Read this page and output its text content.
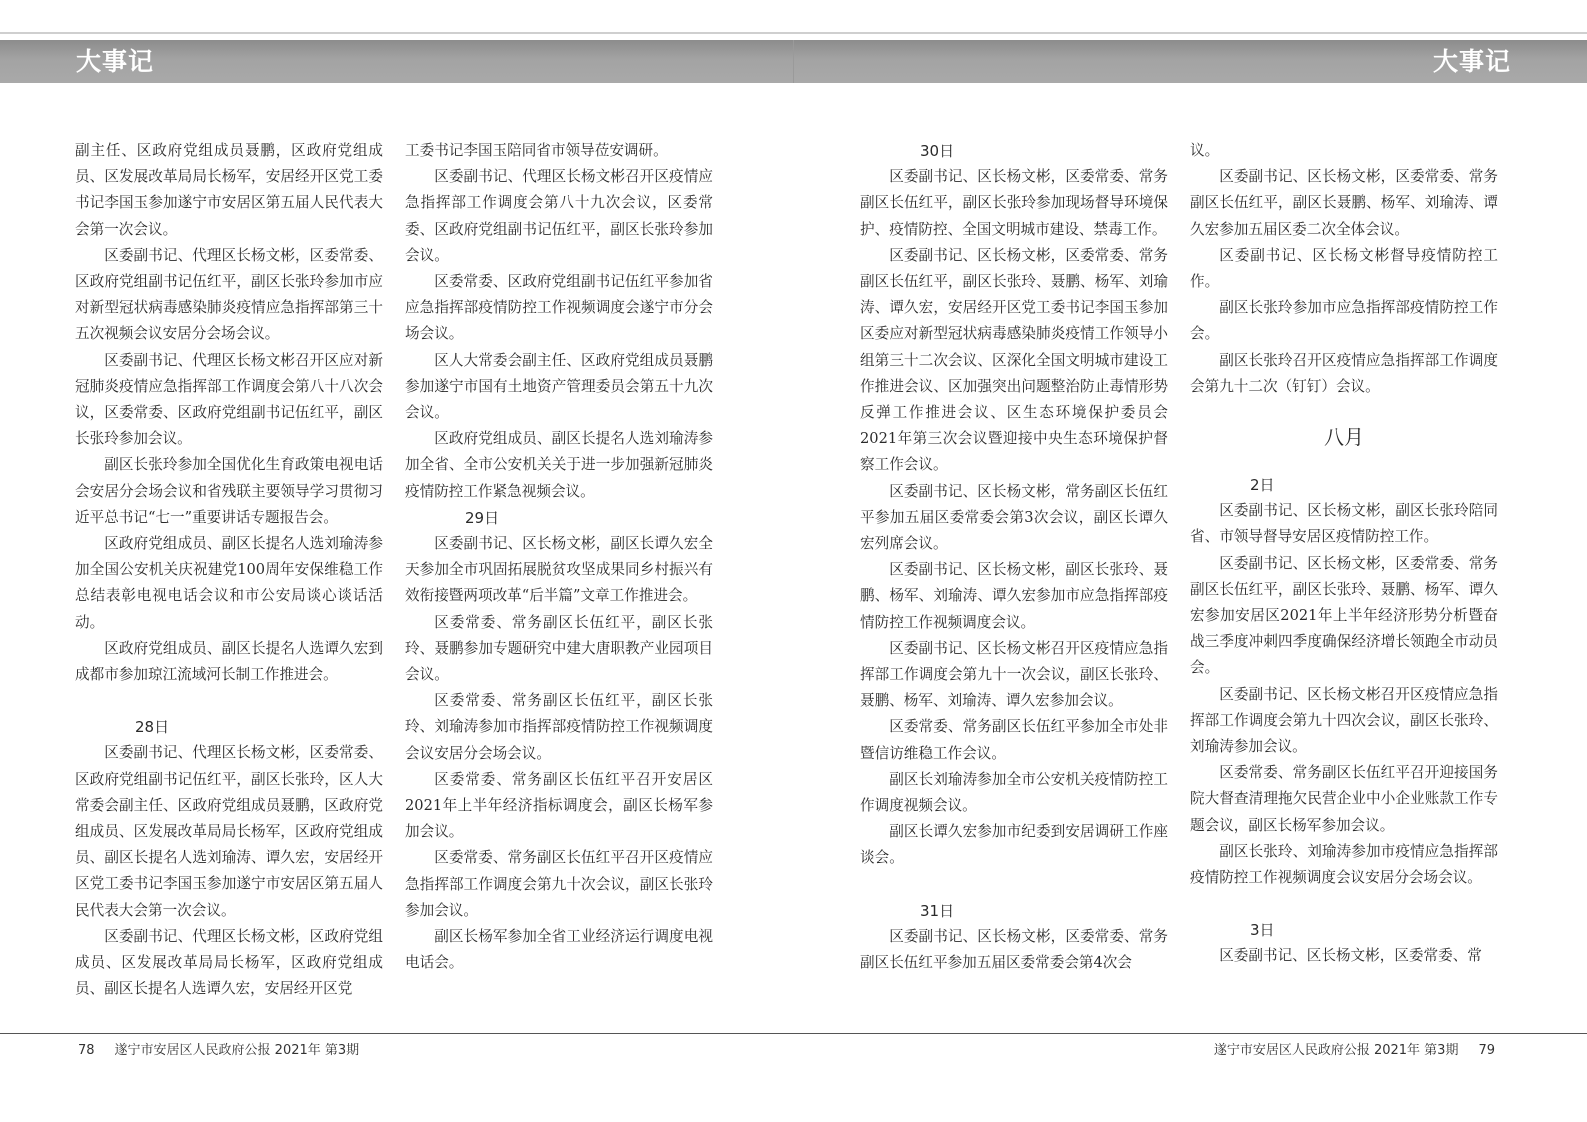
大事记	大事记

副主任、区政府党组成员聂鹏，区政府党组成员、区发展改革局局长杨军，安居经开区党工委书记李国玉参加遂宁市安居区第五届人民代表大会第一次会议。

区委副书记、代理区长杨文彬，区委常委、区政府党组副书记伍红平，副区长张玲参加市应对新型冠状病毒感染肺炎疫情应急指挥部第三十五次视频会议安居分会场会议。

区委副书记、代理区长杨文彬召开区应对新冠肺炎疫情应急指挥部工作调度会第八十八次会议，区委常委、区政府党组副书记伍红平，副区长张玲参加会议。

副区长张玲参加全国优化生育政策电视电话会安居分会场会议和省残联主要领导学习贯彻习近平总书记“七一”重要讲话专题报告会。

区政府党组成员、副区长提名人选刘瑜涛参加全国公安机关庆祝建党100周年安保维稳工作总结表彰电视电话会议和市公安局谈心谈话活动。

区政府党组成员、副区长提名人选谭久宏到成都市参加琼江流域河长制工作推进会。

28日

区委副书记、代理区长杨文彬，区委常委、区政府党组副书记伍红平，副区长张玲，区人大常委会副主任、区政府党组成员聂鹏，区政府党组成员、区发展改革局局长杨军，区政府党组成员、副区长提名人选刘瑜涛、谭久宏，安居经开区党工委书记李国玉参加遂宁市安居区第五届人民代表大会第一次会议。

区委副书记、代理区长杨文彬，区政府党组成员、区发展改革局局长杨军，区政府党组成员、副区长提名人选谭久宏，安居经开区党

工委书记李国玉陪同省市领导莅安调研。

区委副书记、代理区长杨文彬召开区疫情应急指挥部工作调度会第八十九次会议，区委常委、区政府党组副书记伍红平，副区长张玲参加会议。

区委常委、区政府党组副书记伍红平参加省应急指挥部疫情防控工作视频调度会遂宁市分会场会议。

区人大常委会副主任、区政府党组成员聂鹏参加遂宁市国有土地资产管理委员会第五十九次会议。

区政府党组成员、副区长提名人选刘瑜涛参加全省、全市公安机关关于进一步加强新冠肺炎疫情防控工作紧急视频会议。

29日

区委副书记、区长杨文彬，副区长谭久宏全天参加全市巩固拓展脱贫攻坚成果同乡村振兴有效衔接暨两项改革“后半篇”文章工作推进会。

区委常委、常务副区长伍红平，副区长张玲、聂鹏参加专题研究中建大唐职教产业园项目会议。

区委常委、常务副区长伍红平，副区长张玲、刘瑜涛参加市指挥部疫情防控工作视频调度会议安居分会场会议。

区委常委、常务副区长伍红平召开安居区2021年上半年经济指标调度会，副区长杨军参加会议。

区委常委、常务副区长伍红平召开区疫情应急指挥部工作调度会第九十次会议，副区长张玲参加会议。

副区长杨军参加全省工业经济运行调度电视电话会。

30日

区委副书记、区长杨文彬，区委常委、常务副区长伍红平，副区长张玲参加现场督导环境保护、疫情防控、全国文明城市建设、禁毒工作。

区委副书记、区长杨文彬，区委常委、常务副区长伍红平，副区长张玲、聂鹏、杨军、刘瑜涛、谭久宏，安居经开区党工委书记李国玉参加区委应对新型冠状病毒感染肺炎疫情工作领导小组第三十二次会议、区深化全国文明城市建设工作推进会议、区加强突出问题整治防止毒情形势反弹工作推进会议、区生态环境保护委员会2021年第三次会议暨迎接中央生态环境保护督察工作会议。

区委副书记、区长杨文彬，常务副区长伍红平参加五届区委常委会第3次会议，副区长谭久宏列席会议。

区委副书记、区长杨文彬，副区长张玲、聂鹏、杨军、刘瑜涛、谭久宏参加市应急指挥部疫情防控工作视频调度会议。

区委副书记、区长杨文彬召开区疫情应急指挥部工作调度会第九十一次会议，副区长张玲、聂鹏、杨军、刘瑜涛、谭久宏参加会议。

区委常委、常务副区长伍红平参加全市处非暨信访维稳工作会议。

副区长刘瑜涛参加全市公安机关疫情防控工作调度视频会议。

副区长谭久宏参加市纪委到安居调研工作座谈会。

31日

区委副书记、区长杨文彬，区委常委、常务副区长伍红平参加五届区委常委会第4次会

议。

区委副书记、区长杨文彬，区委常委、常务副区长伍红平，副区长聂鹏、杨军、刘瑜涛、谭久宏参加五届区委二次全体会议。

区委副书记、区长杨文彬督导疫情防控工作。

副区长张玲参加市应急指挥部疫情防控工作会。

副区长张玲召开区疫情应急指挥部工作调度会第九十二次（钉钉）会议。

八月

2日

区委副书记、区长杨文彬，副区长张玲陪同省、市领导督导安居区疫情防控工作。

区委副书记、区长杨文彬，区委常委、常务副区长伍红平，副区长张玲、聂鹏、杨军、谭久宏参加安居区2021年上半年经济形势分析暨奋战三季度冲刺四季度确保经济增长领跑全市动员会。

区委副书记、区长杨文彬召开区疫情应急指挥部工作调度会第九十四次会议，副区长张玲、刘瑜涛参加会议。

区委常委、常务副区长伍红平召开迎接国务院大督查清理拖欠民营企业中小企业账款工作专题会议，副区长杨军参加会议。

副区长张玲、刘瑜涛参加市疫情应急指挥部疫情防控工作视频调度会议安居分会场会议。

3日

区委副书记、区长杨文彬，区委常委、常

78 遂宁市安居区人民政府公报 2021年 第3期	遂宁市安居区人民政府公报 2021年 第3期 79
